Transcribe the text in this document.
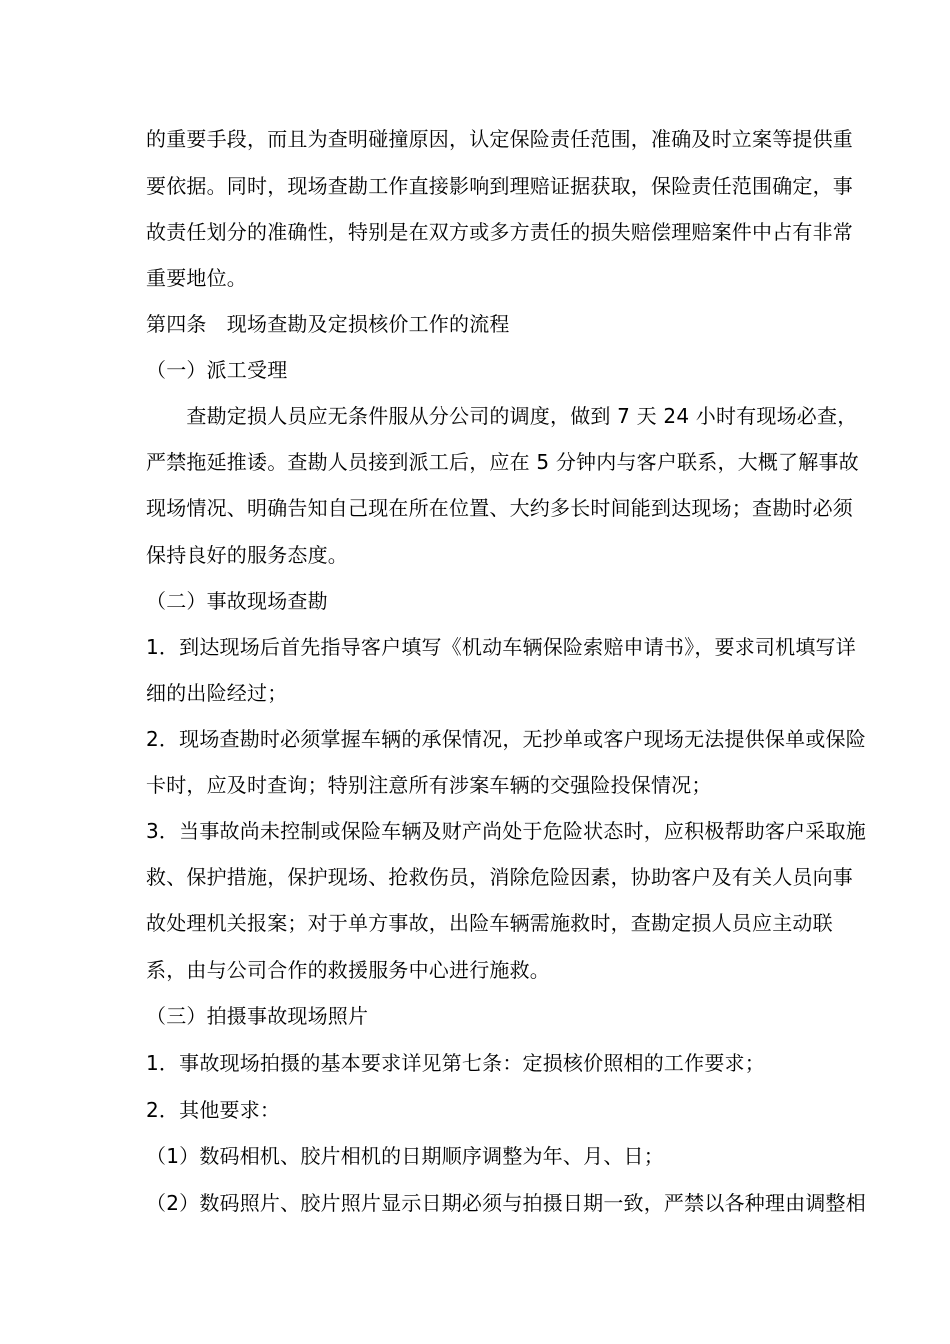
的重要手段，而且为查明碰撞原因，认定保险责任范围，准确及时立案等提供重
要依据。同时，现场查勘工作直接影响到理赔证据获取，保险责任范围确定，事
故责任划分的准确性，特别是在双方或多方责任的损失赔偿理赔案件中占有非常
重要地位。
第四条　现场查勘及定损核价工作的流程
（一）派工受理
　　查勘定损人员应无条件服从分公司的调度，做到 7 天 24 小时有现场必查，
严禁拖延推诿。查勘人员接到派工后，应在 5 分钟内与客户联系，大概了解事故
现场情况、明确告知自己现在所在位置、大约多长时间能到达现场；查勘时必须
保持良好的服务态度。
（二）事故现场查勘
1．到达现场后首先指导客户填写《机动车辆保险索赔申请书》，要求司机填写详
细的出险经过；
2．现场查勘时必须掌握车辆的承保情况，无抄单或客户现场无法提供保单或保险
卡时，应及时查询；特别注意所有涉案车辆的交强险投保情况；
3．当事故尚未控制或保险车辆及财产尚处于危险状态时，应积极帮助客户采取施
救、保护措施，保护现场、抢救伤员，消除危险因素，协助客户及有关人员向事
故处理机关报案；对于单方事故，出险车辆需施救时，查勘定损人员应主动联
系，由与公司合作的救援服务中心进行施救。
（三）拍摄事故现场照片
1．事故现场拍摄的基本要求详见第七条：定损核价照相的工作要求；
2．其他要求：
（1）数码相机、胶片相机的日期顺序调整为年、月、日；
（2）数码照片、胶片照片显示日期必须与拍摄日期一致，严禁以各种理由调整相
